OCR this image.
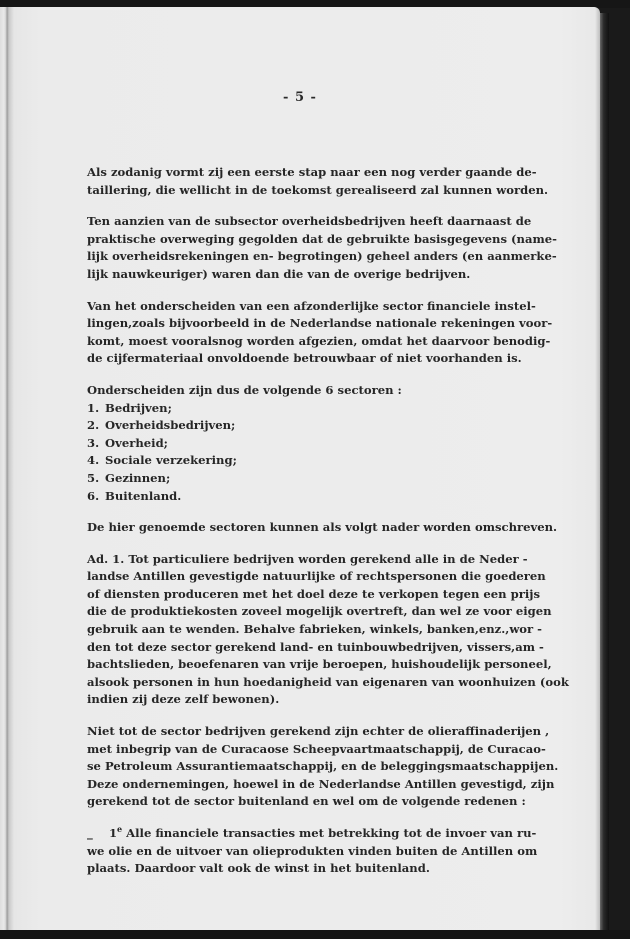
- 5 -

Als zodanig vormt zij een eerste stap naar een nog verder gaande de-
taillering, die wellicht in de toekomst gerealiseerd zal kunnen worden.

Ten aanzien van de subsector overheidsbedrijven heeft daarnaast de
praktische overweging gegolden dat de gebruikte basisgegevens (name-
lijk overheidsrekeningen en- begrotingen) geheel anders (en aanmerke-
lijk nauwkeuriger) waren dan die van de overige bedrijven.

Van het onderscheiden van een afzonderlijke sector financiele instel-
lingen,zoals bijvoorbeeld in de Nederlandse nationale rekeningen voor-
komt, moest vooralsnog worden afgezien, omdat het daarvoor benodig-
de cijfermateriaal onvoldoende betrouwbaar of niet voorhanden is.

Onderscheiden zijn dus de volgende 6 sectoren :
1. Bedrijven;
2. Overheidsbedrijven;
3. Overheid;
4. Sociale verzekering;
5. Gezinnen;
6. Buitenland.

De hier genoemde sectoren kunnen als volgt nader worden omschreven.

Ad. 1. Tot particuliere bedrijven worden gerekend alle in de Neder -
landse Antillen gevestigde natuurlijke of rechtspersonen die goederen
of diensten produceren met het doel deze te verkopen tegen een prijs
die de produktiekosten zoveel mogelijk overtreft, dan wel ze voor eigen
gebruik aan te wenden. Behalve fabrieken, winkels, banken,enz.,wor -
den tot deze sector gerekend land- en tuinbouwbedrijven, vissers,am -
bachtslieden, beoefenaren van vrije beroepen, huishoudelijk personeel,
alsook personen in hun hoedanigheid van eigenaren van woonhuizen (ook
indien zij deze zelf bewonen).

Niet tot de sector bedrijven gerekend zijn echter de olieraffinaderijen ,
met inbegrip van de Curacaose Scheepvaartmaatschappij, de Curacao-
se Petroleum Assurantiemaatschappij, en de beleggingsmaatschappijen.
Deze ondernemingen, hoewel in de Nederlandse Antillen gevestigd, zijn
gerekend tot de sector buitenland en wel om de volgende redenen :

_ 1e Alle financiele transacties met betrekking tot de invoer van ru-
we olie en de uitvoer van olieprodukten vinden buiten de Antillen om
plaats. Daardoor valt ook de winst in het buitenland.
